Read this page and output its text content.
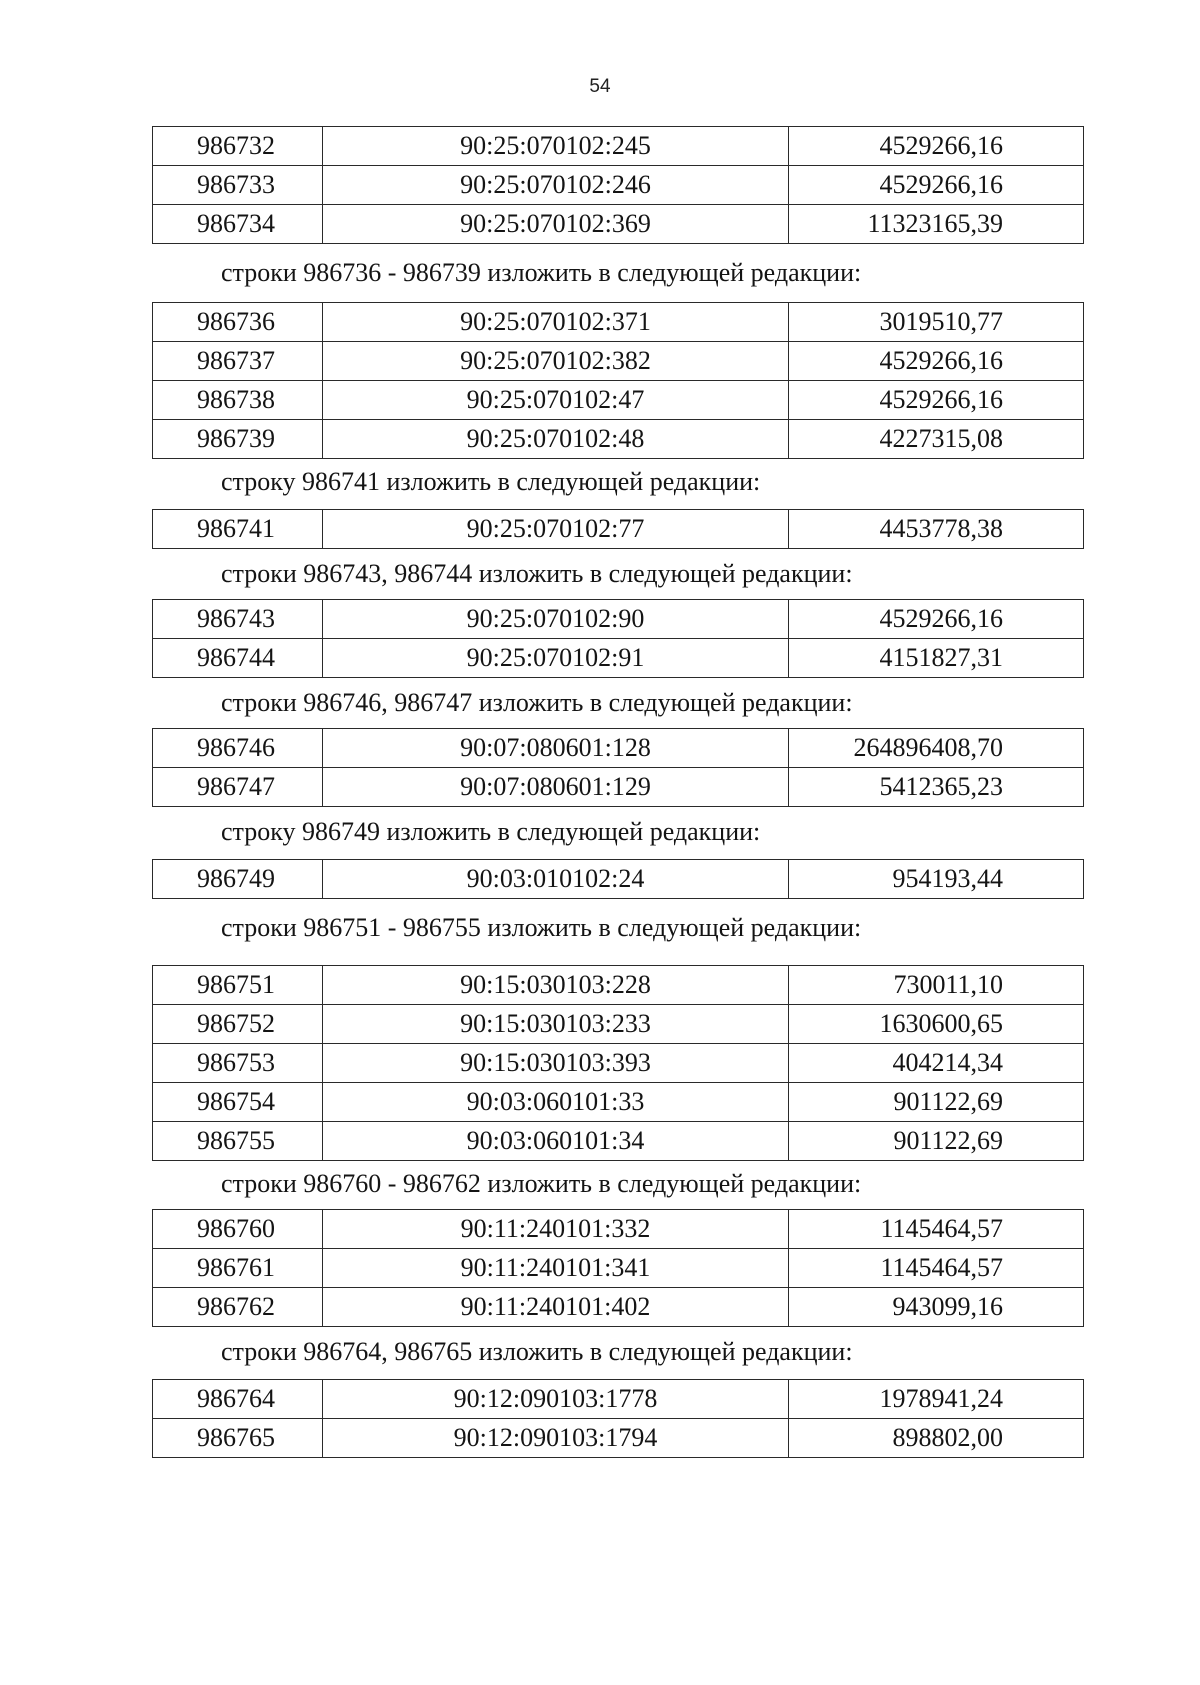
54
986732	90:25:070102:245	4529266,16
986733	90:25:070102:246	4529266,16
986734	90:25:070102:369	11323165,39
строки 986736 - 986739 изложить в следующей редакции:
986736	90:25:070102:371	3019510,77
986737	90:25:070102:382	4529266,16
986738	90:25:070102:47	4529266,16
986739	90:25:070102:48	4227315,08
строку 986741 изложить в следующей редакции:
986741	90:25:070102:77	4453778,38
строки 986743, 986744 изложить в следующей редакции:
986743	90:25:070102:90	4529266,16
986744	90:25:070102:91	4151827,31
строки 986746, 986747 изложить в следующей редакции:
986746	90:07:080601:128	264896408,70
986747	90:07:080601:129	5412365,23
строку 986749 изложить в следующей редакции:
986749	90:03:010102:24	954193,44
строки 986751 - 986755 изложить в следующей редакции:
986751	90:15:030103:228	730011,10
986752	90:15:030103:233	1630600,65
986753	90:15:030103:393	404214,34
986754	90:03:060101:33	901122,69
986755	90:03:060101:34	901122,69
строки 986760 - 986762 изложить в следующей редакции:
986760	90:11:240101:332	1145464,57
986761	90:11:240101:341	1145464,57
986762	90:11:240101:402	943099,16
строки 986764, 986765 изложить в следующей редакции:
986764	90:12:090103:1778	1978941,24
986765	90:12:090103:1794	898802,00
